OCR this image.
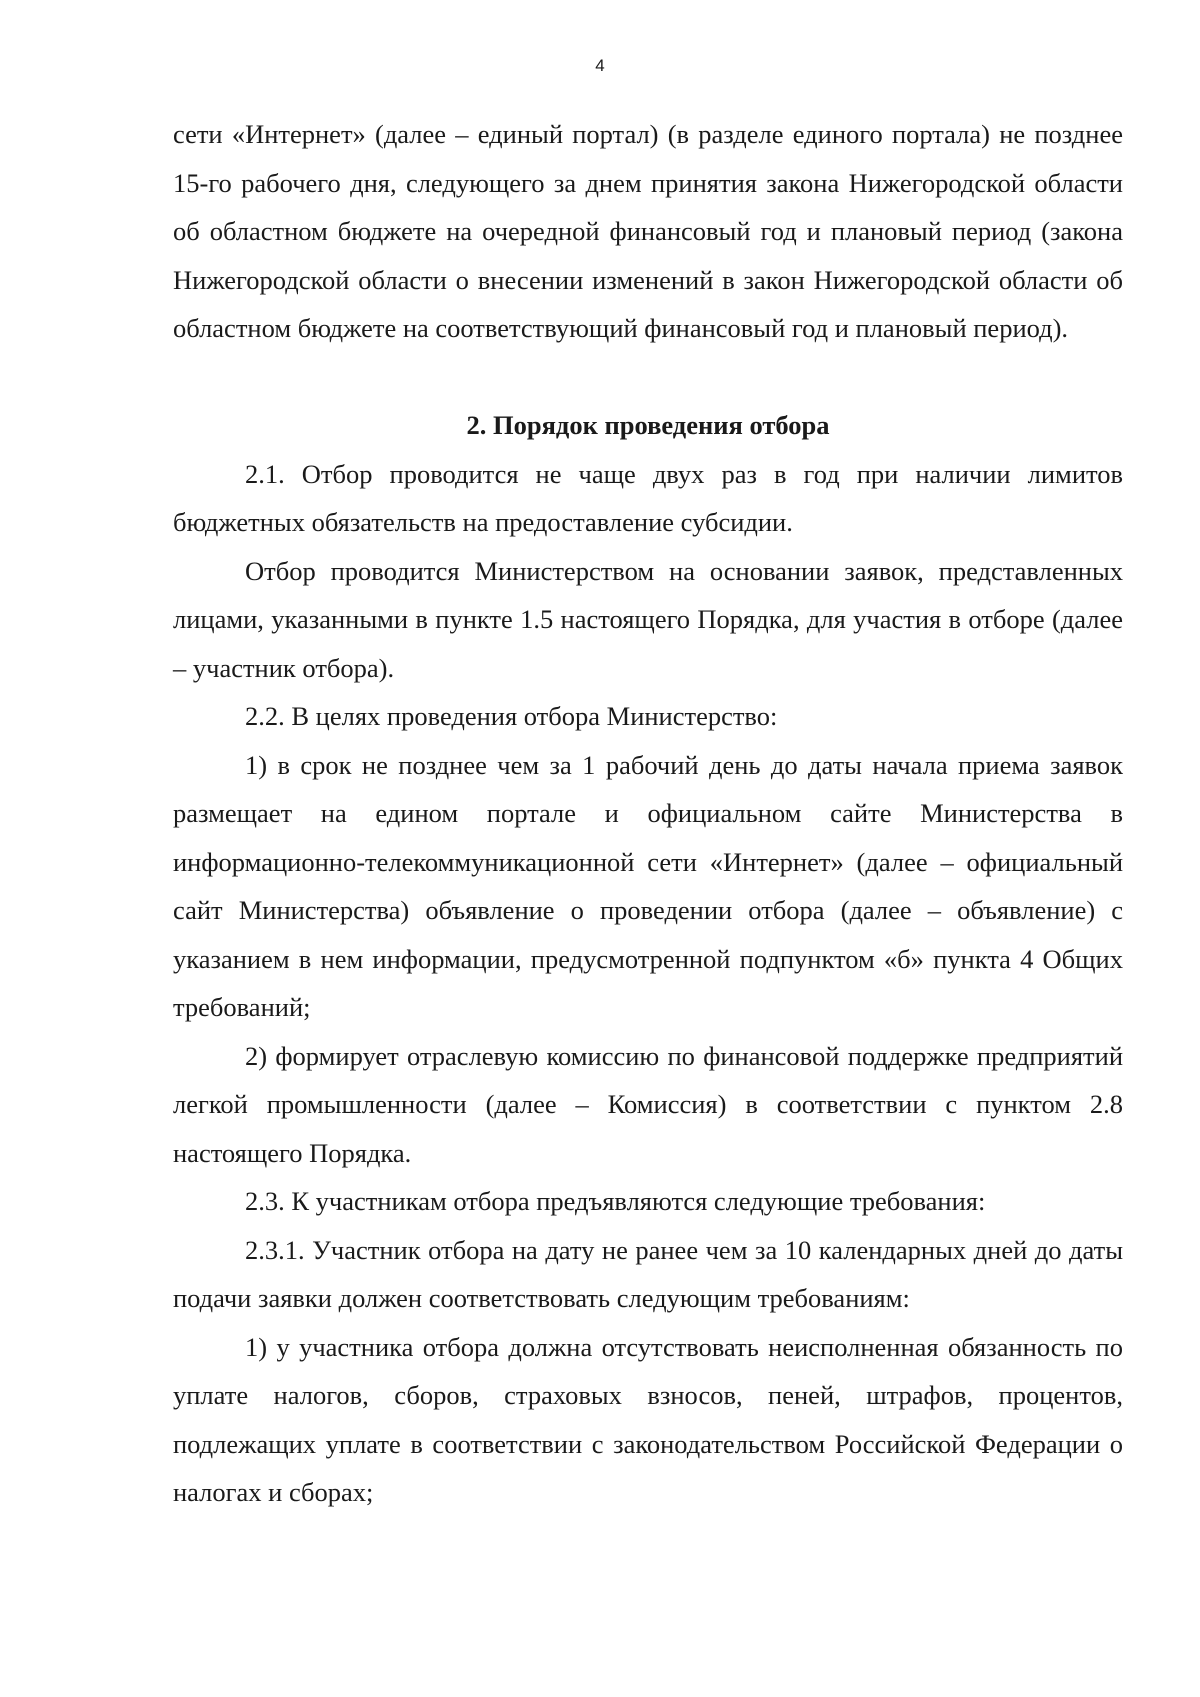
4

сети «Интернет» (далее – единый портал) (в разделе единого портала) не позднее 15-го рабочего дня, следующего за днем принятия закона Нижегородской области об областном бюджете на очередной финансовый год и плановый период (закона Нижегородской области о внесении изменений в закон Нижегородской области об областном бюджете на соответствующий финансовый год и плановый период).

2. Порядок проведения отбора

2.1. Отбор проводится не чаще двух раз в год при наличии лимитов бюджетных обязательств на предоставление субсидии.

Отбор проводится Министерством на основании заявок, представленных лицами, указанными в пункте 1.5 настоящего Порядка, для участия в отборе (далее – участник отбора).

2.2. В целях проведения отбора Министерство:

1) в срок не позднее чем за 1 рабочий день до даты начала приема заявок размещает на едином портале и официальном сайте Министерства в информационно-телекоммуникационной сети «Интернет» (далее – официальный сайт Министерства) объявление о проведении отбора (далее – объявление) с указанием в нем информации, предусмотренной подпунктом «б» пункта 4 Общих требований;

2) формирует отраслевую комиссию по финансовой поддержке предприятий легкой промышленности (далее – Комиссия) в соответствии с пунктом 2.8 настоящего Порядка.

2.3. К участникам отбора предъявляются следующие требования:

2.3.1. Участник отбора на дату не ранее чем за 10 календарных дней до даты подачи заявки должен соответствовать следующим требованиям:

1) у участника отбора должна отсутствовать неисполненная обязанность по уплате налогов, сборов, страховых взносов, пеней, штрафов, процентов, подлежащих уплате в соответствии с законодательством Российской Федерации о налогах и сборах;
